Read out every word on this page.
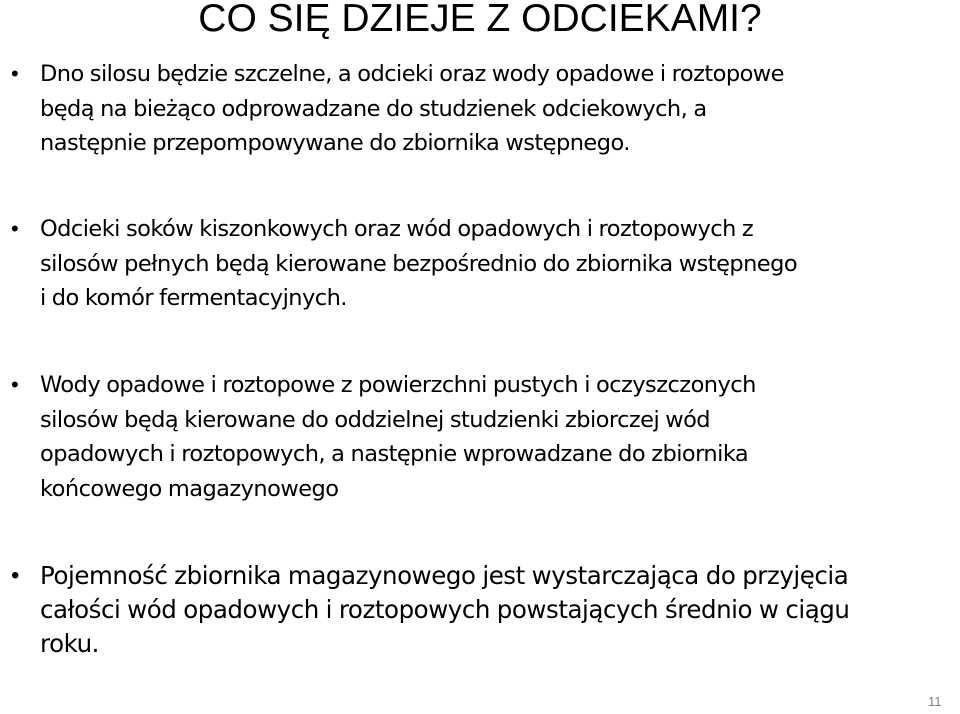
CO SIĘ DZIEJE Z ODCIEKAMI?
• Dno silosu będzie szczelne, a odcieki oraz wody opadowe i roztopowe
będą na bieżąco odprowadzane do studzienek odciekowych, a
następnie przepompowywane do zbiornika wstępnego.
• Odcieki soków kiszonkowych oraz wód opadowych i roztopowych z
silosów pełnych będą kierowane bezpośrednio do zbiornika wstępnego
i do komór fermentacyjnych.
• Wody opadowe i roztopowe z powierzchni pustych i oczyszczonych
silosów będą kierowane do oddzielnej studzienki zbiorczej wód
opadowych i roztopowych, a następnie wprowadzane do zbiornika
końcowego magazynowego
• Pojemność zbiornika magazynowego jest wystarczająca do przyjęcia
całości wód opadowych i roztopowych powstających średnio w ciągu
roku.
11
